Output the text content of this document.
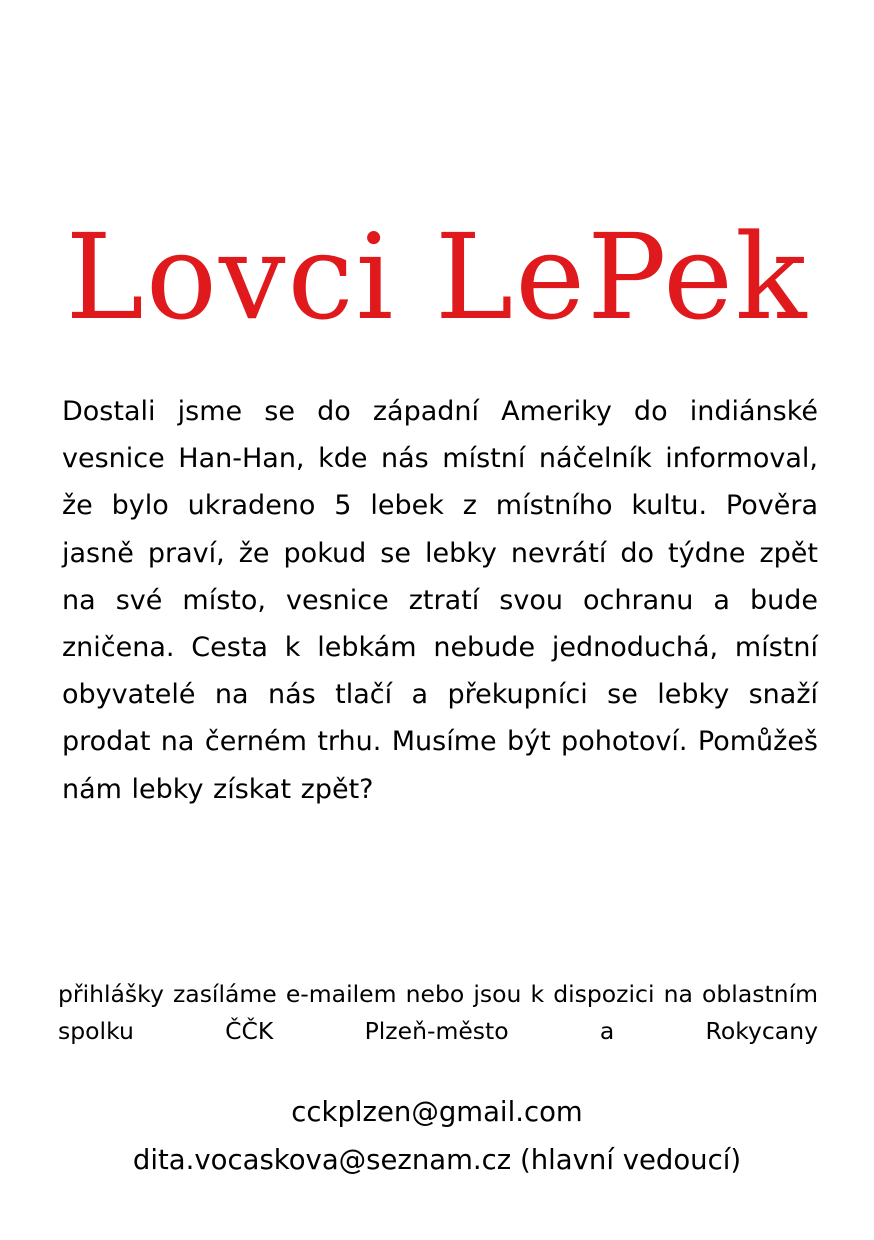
Lovci LePek

Dostali jsme se do západní Ameriky do indiánské vesnice Han-Han, kde nás místní náčelník informoval, že bylo ukradeno 5 lebek z místního kultu. Pověra jasně praví, že pokud se lebky nevrátí do týdne zpět na své místo, vesnice ztratí svou ochranu a bude zničena. Cesta k lebkám nebude jednoduchá, místní obyvatelé na nás tlačí a překupníci se lebky snaží prodat na černém trhu. Musíme být pohotoví. Pomůžeš nám lebky získat zpět?

přihlášky zasíláme e-mailem nebo jsou k dispozici na oblastním spolku ČČK Plzeň-město a Rokycany

cckplzen@gmail.com
dita.vocaskova@seznam.cz (hlavní vedoucí)
